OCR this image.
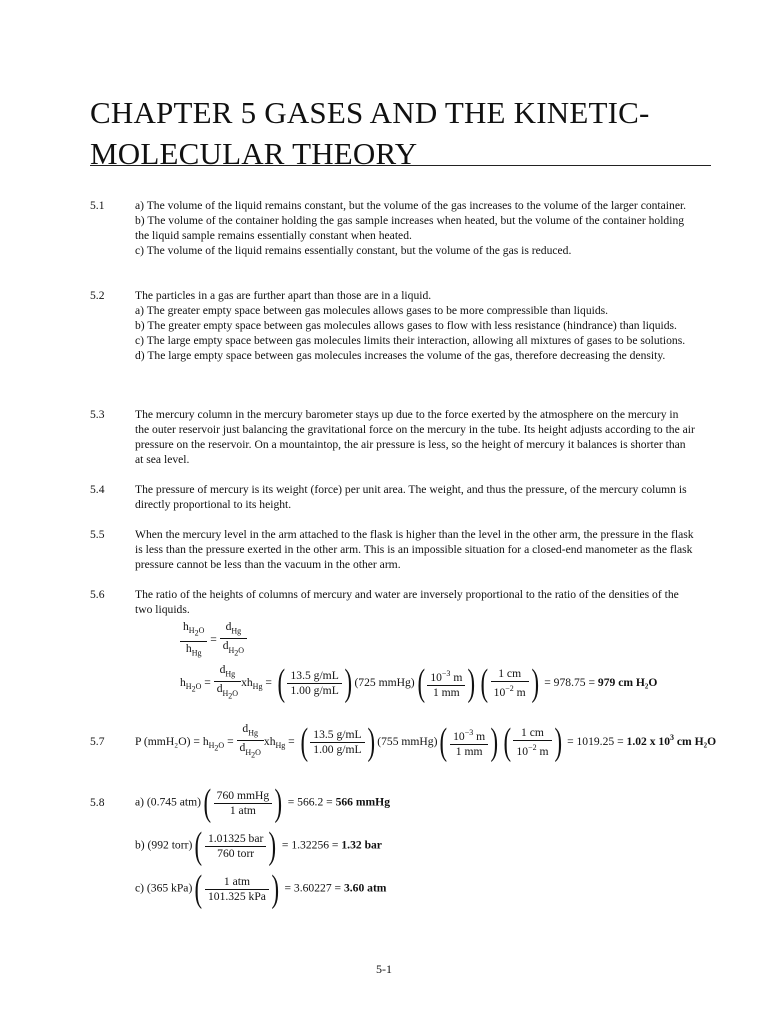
CHAPTER 5 GASES AND THE KINETIC-MOLECULAR THEORY
5.1	a) The volume of the liquid remains constant, but the volume of the gas increases to the volume of the larger container.

b) The volume of the container holding the gas sample increases when heated, but the volume of the container holding the liquid sample remains essentially constant when heated.

c) The volume of the liquid remains essentially constant, but the volume of the gas is reduced.

5.2	The particles in a gas are further apart than those are in a liquid.

a) The greater empty space between gas molecules allows gases to be more compressible than liquids.

b) The greater empty space between gas molecules allows gases to flow with less resistance (hindrance) than liquids.

c) The large empty space between gas molecules limits their interaction, allowing all mixtures of gases to be solutions.

d) The large empty space between gas molecules increases the volume of the gas, therefore decreasing the density.

5.3	The mercury column in the mercury barometer stays up due to the force exerted by the atmosphere on the mercury in the outer reservoir just balancing the gravitational force on the mercury in the tube. Its height adjusts according to the air pressure on the reservoir. On a mountaintop, the air pressure is less, so the height of mercury it balances is shorter than at sea level.

5.4	The pressure of mercury is its weight (force) per unit area. The weight, and thus the pressure, of the mercury column is directly proportional to its height.

5.5	When the mercury level in the arm attached to the flask is higher than the level in the other arm, the pressure in the flask is less than the pressure exerted in the other arm. This is an impossible situation for a closed-end manometer as the flask pressure cannot be less than the vacuum in the other arm.

5.6	The ratio of the heights of columns of mercury and water are inversely proportional to the ratio of the densities of the two liquids.

$\frac{h_{H_2O}}{h_{Hg}} = \frac{d_{Hg}}{d_{H_2O}}$
$h_{H_2O} = \frac{d_{Hg}}{d_{H_2O}} xh_{Hg}$ = ( $\frac{13.5 g/mL}{1.00 g/mL}$ ) (725 mmHg)( $\frac{10^{-3} m}{1 mm}$ ) ( $\frac{1 cm}{10^{-2} m}$ ) = 978.75 = 979 cm H₂O
5.7	P $(mmH_2O) = h_{H_2O} = \frac{d_{Hg}}{d_{H_2O}} xh_{Hg}$ = ( $\frac{13.5 g/mL}{1.00 g/mL}$ ) (755 mmHg)( $\frac{10^{-3} m}{1 mm}$ ) ( $\frac{1 cm}{10^{-2} m}$ ) = 1019.25 = 1.02 x $10^3$ cm H₂O
5.8	a) (0.745 $atm)( \frac{\text{760 mmHg}}{\text{1 atm}}$ ) = 566.2 = 566 mmHg
b) (992 torr)( $\frac{\text{1.01325 bar}}{\text{760 torr}}$ ) = 1.32256 = 1.32 bar
c) (365 $kPa)( \frac{\text{1 atm}}{\text{101.325 kPa}}$ ) = 3.60227 = 3.60 atm
5-1
